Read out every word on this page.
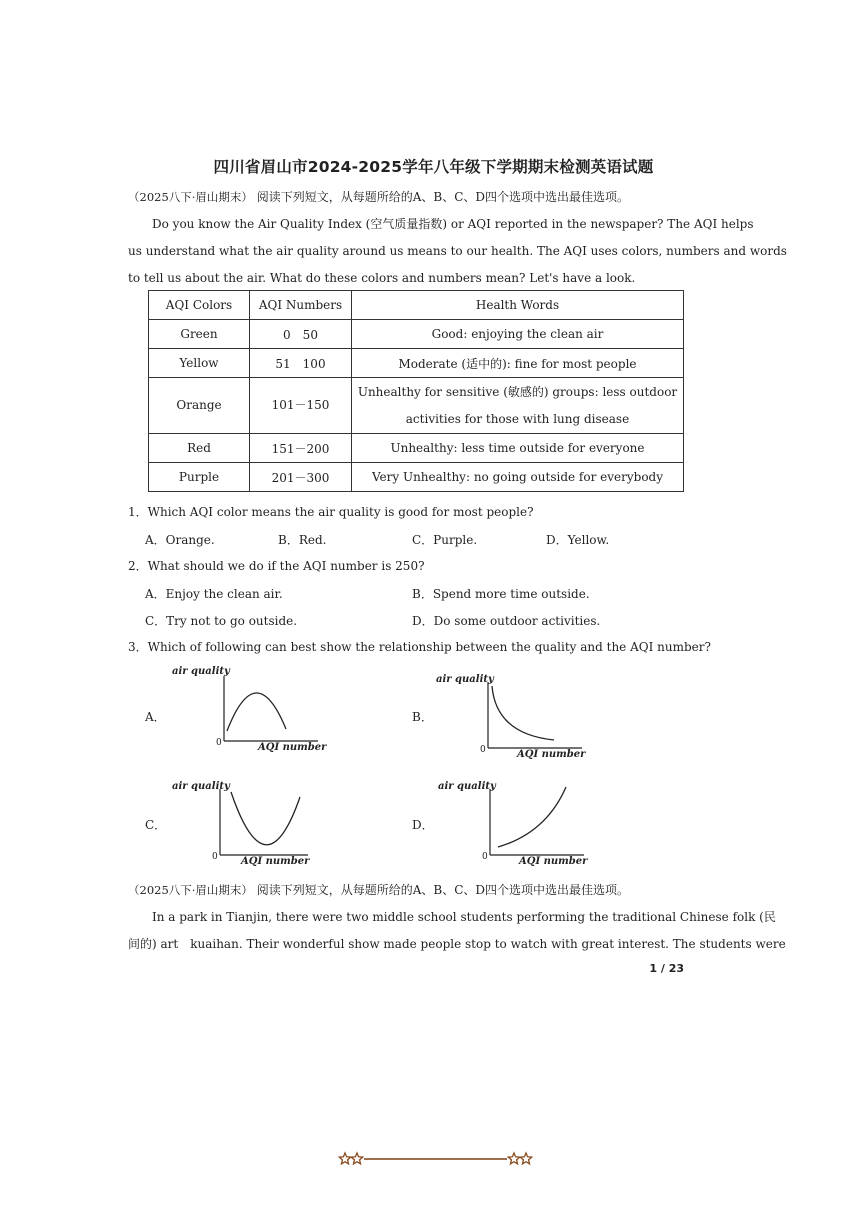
四川省眉山市2024-2025学年八年级下学期期末检测英语试题
（2025八下·眉山期末） 阅读下列短文，从每题所给的A、B、C、D四个选项中选出最佳选项。
Do you know the Air Quality Index (空气质量指数) or AQI reported in the newspaper? The AQI helps
us understand what the air quality around us means to our health. The AQI uses colors, numbers and words
to tell us about the air. What do these colors and numbers mean? Let's have a look.
AQI Colors	AQI Numbers	Health Words
Green	0　50	Good: enjoying the clean air
Yellow	51　100	Moderate (适中的): fine for most people
Orange	101－150	Unhealthy for sensitive (敏感的) groups: less outdoor
activities for those with lung disease

Red	151－200	Unhealthy: less time outside for everyone
Purple	201－300	Very Unhealthy: no going outside for everybody
1．Which AQI color means the air quality is good for most people?
A．Orange.	B．Red.	C．Purple.	D．Yellow.
2．What should we do if the AQI number is 250?
A．Enjoy the clean air.	B．Spend more time outside.
C．Try not to go outside.	D．Do some outdoor activities.
3．Which of following can best show the relationship between the quality and the AQI number?
A．	B．
C．	D．
air quality
0	AQI number
air quality
0	AQI number
air quality
0 AQI number
air quality
0	AQI number
（2025八下·眉山期末） 阅读下列短文，从每题所给的A、B、C、D四个选项中选出最佳选项。
In a park in Tianjin, there were two middle school students performing the traditional Chinese folk (民
间的) art　kuaihan. Their wonderful show made people stop to watch with great interest. The students were
1 / 23
